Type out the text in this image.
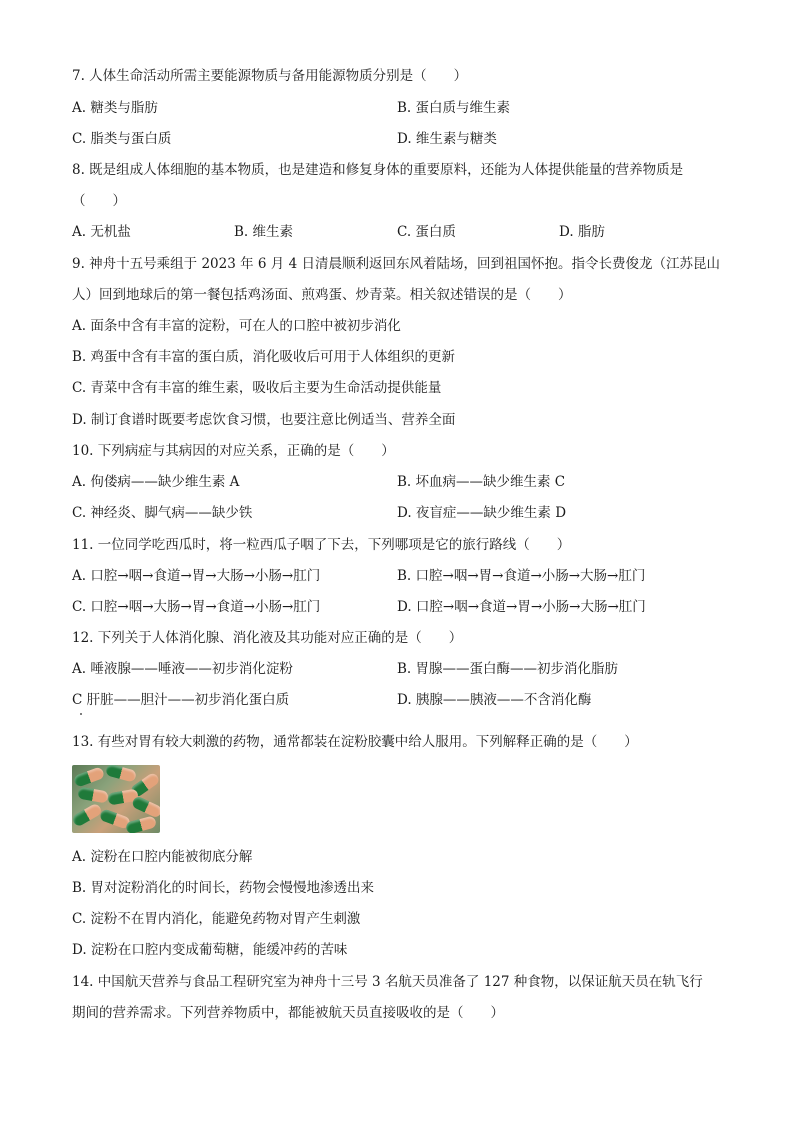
7. 人体生命活动所需主要能源物质与备用能源物质分别是（　　）
A. 糖类与脂肪	B. 蛋白质与维生素
C. 脂类与蛋白质	D. 维生素与糖类
8. 既是组成人体细胞的基本物质，也是建造和修复身体的重要原料，还能为人体提供能量的营养物质是
（　　）
A. 无机盐	B. 维生素	C. 蛋白质	D. 脂肪
9. 神舟十五号乘组于 2023 年 6 月 4 日清晨顺利返回东风着陆场，回到祖国怀抱。指令长费俊龙（江苏昆山
人）回到地球后的第一餐包括鸡汤面、煎鸡蛋、炒青菜。相关叙述错误的是（　　）
A. 面条中含有丰富的淀粉，可在人的口腔中被初步消化
B. 鸡蛋中含有丰富的蛋白质，消化吸收后可用于人体组织的更新
C. 青菜中含有丰富的维生素，吸收后主要为生命活动提供能量
D. 制订食谱时既要考虑饮食习惯，也要注意比例适当、营养全面
10. 下列病症与其病因的对应关系，正确的是（　　）
A. 佝偻病——缺少维生素 A	B. 坏血病——缺少维生素 C
C. 神经炎、脚气病——缺少铁	D. 夜盲症——缺少维生素 D
11. 一位同学吃西瓜时，将一粒西瓜子咽了下去，下列哪项是它的旅行路线（　　）
A. 口腔→咽→食道→胃→大肠→小肠→肛门	B. 口腔→咽→胃→食道→小肠→大肠→肛门
C. 口腔→咽→大肠→胃→食道→小肠→肛门	D. 口腔→咽→食道→胃→小肠→大肠→肛门
12. 下列关于人体消化腺、消化液及其功能对应正确的是（　　）
A. 唾液腺——唾液——初步消化淀粉	B. 胃腺——蛋白酶——初步消化脂肪
C 肝脏——胆汁——初步消化蛋白质	D. 胰腺——胰液——不含消化酶
13. 有些对胃有较大刺激的药物，通常都装在淀粉胶囊中给人服用。下列解释正确的是（　　）
A. 淀粉在口腔内能被彻底分解
B. 胃对淀粉消化的时间长，药物会慢慢地渗透出来
C. 淀粉不在胃内消化，能避免药物对胃产生刺激
D. 淀粉在口腔内变成葡萄糖，能缓冲药的苦味
14. 中国航天营养与食品工程研究室为神舟十三号 3 名航天员准备了 127 种食物，以保证航天员在轨飞行
期间的营养需求。下列营养物质中，都能被航天员直接吸收的是（　　）
